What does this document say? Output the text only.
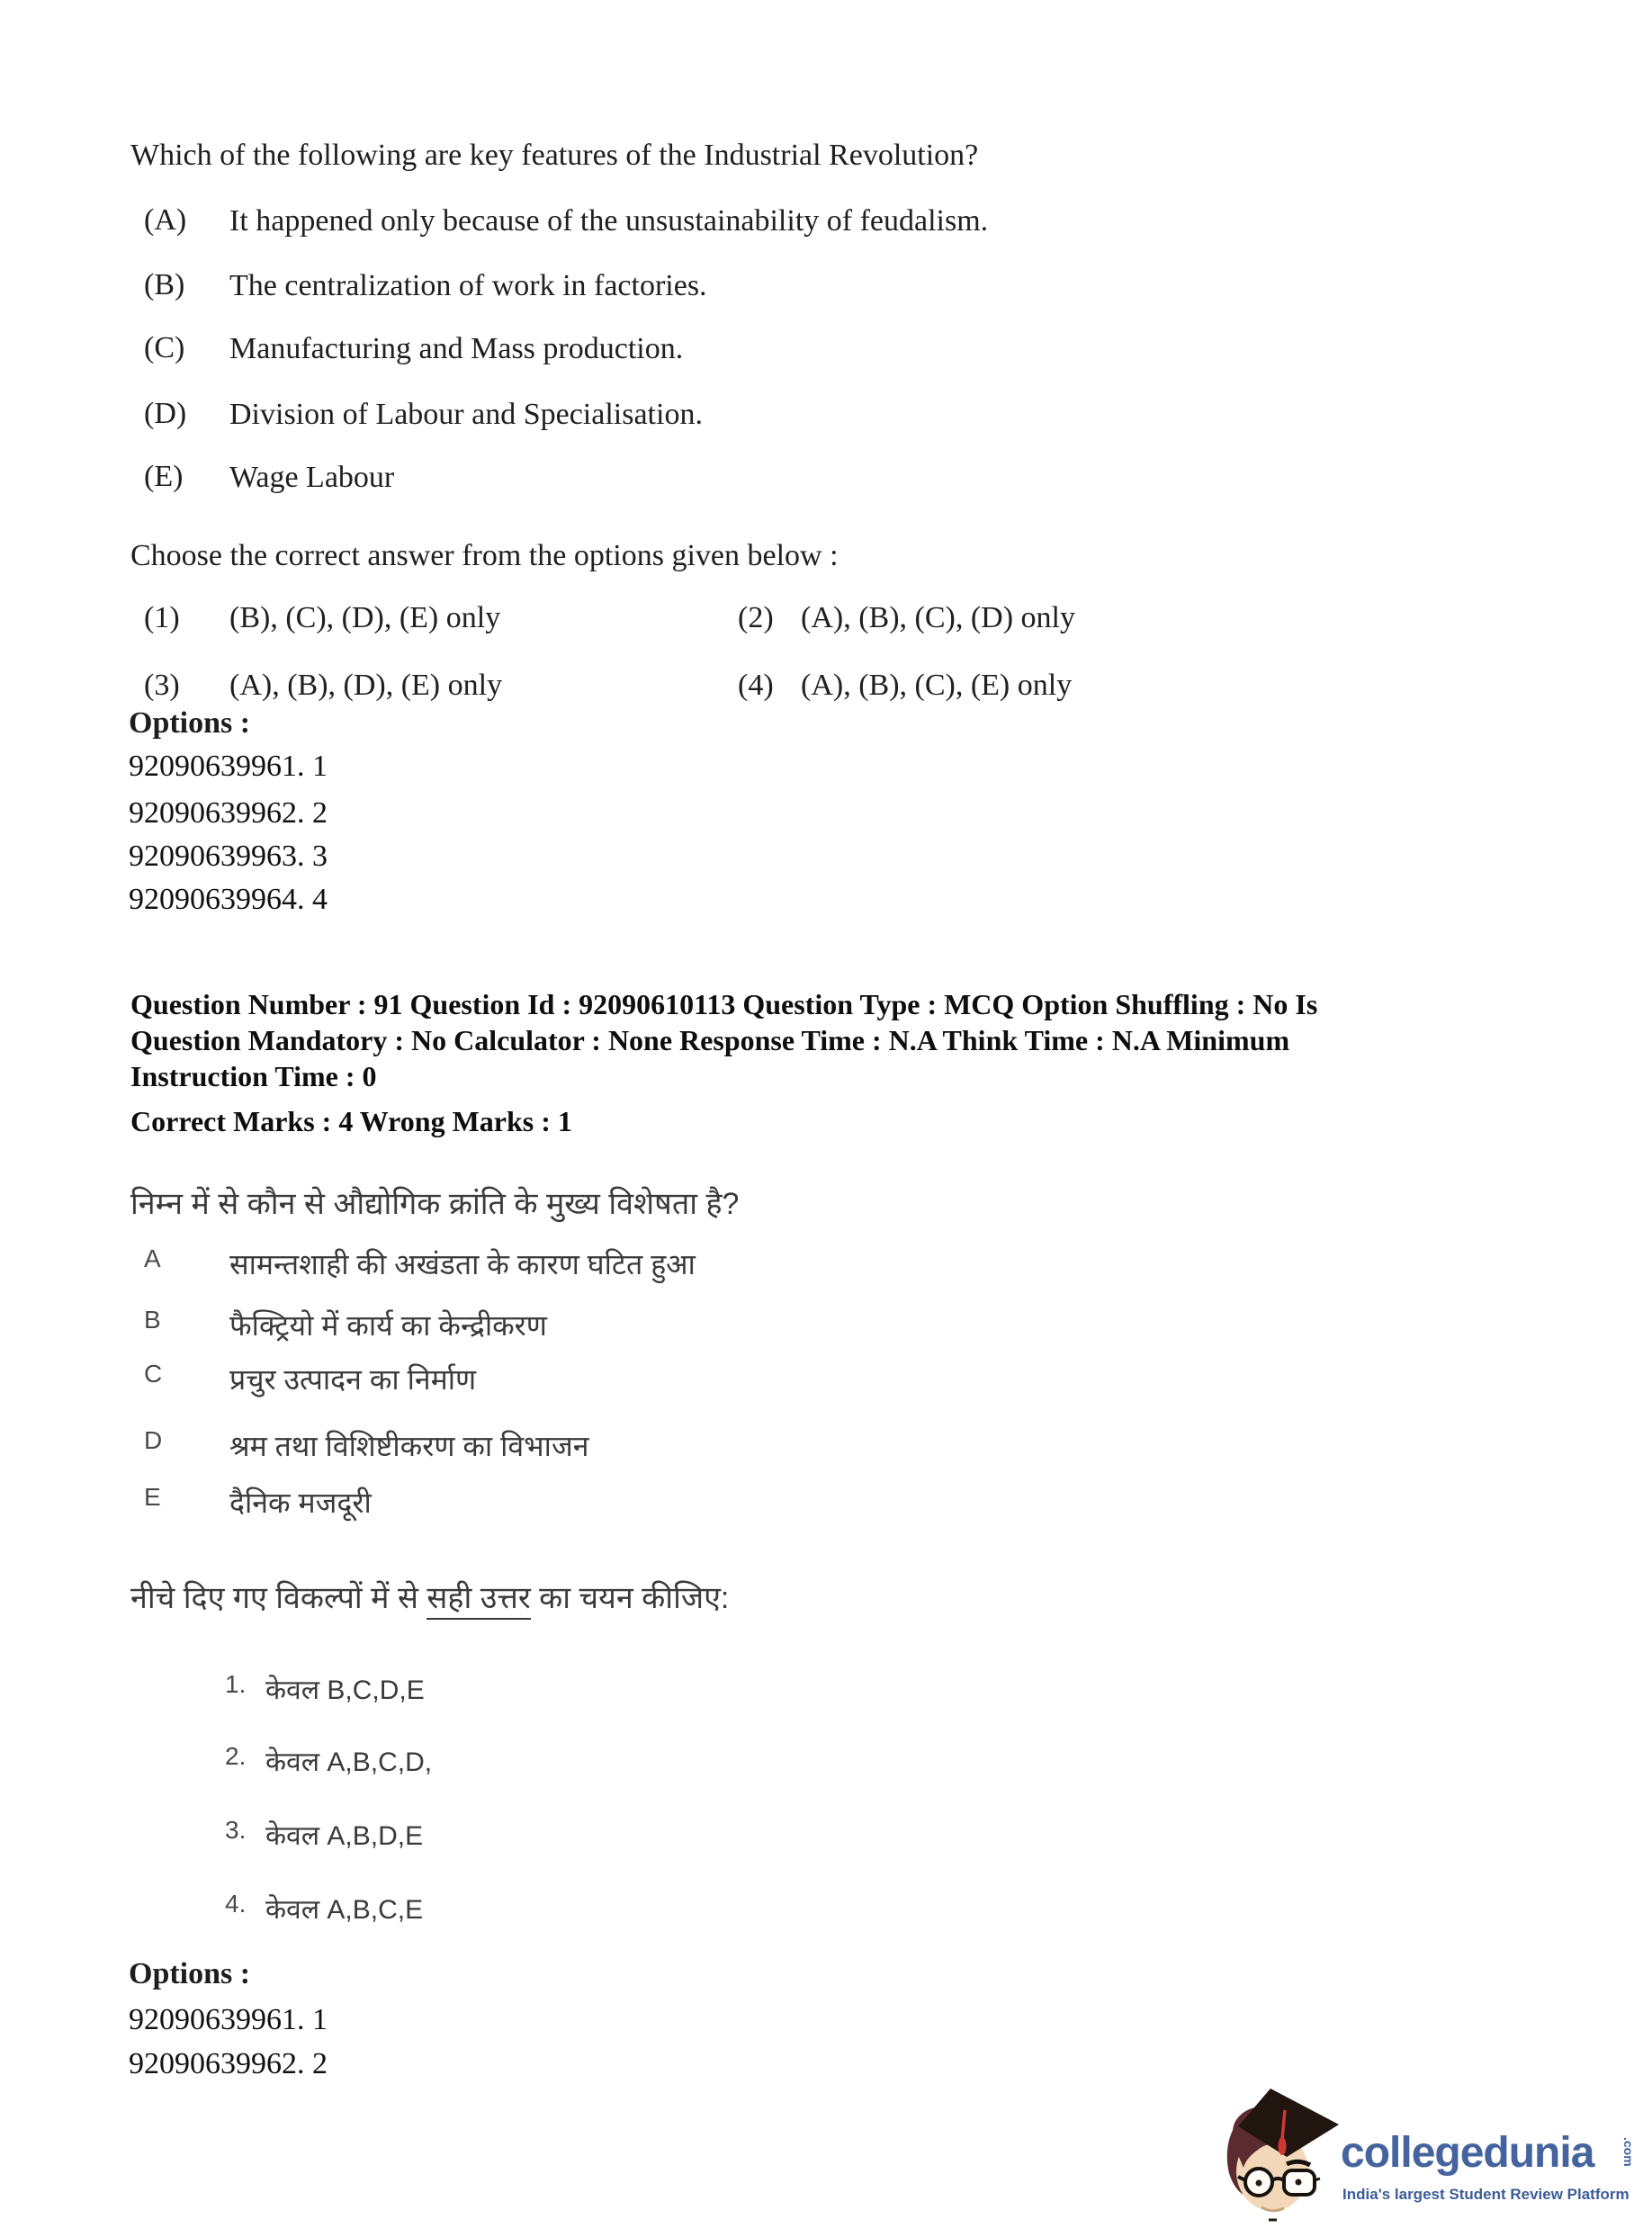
Which of the following are key features of the Industrial Revolution?
(A)	It happened only because of the unsustainability of feudalism.
(B)	The centralization of work in factories.
(C)	Manufacturing and Mass production.
(D)	Division of Labour and Specialisation.
(E)	Wage Labour
Choose the correct answer from the options given below :
(1)	(B), (C), (D), (E) only	(2) (A), (B), (C), (D) only
(3)	(A), (B), (D), (E) only	(4) (A), (B), (C), (E) only
Options :
92090639961. 1
92090639962. 2
92090639963. 3
92090639964. 4
Question Number : 91 Question Id : 92090610113 Question Type : MCQ Option Shuffling : No Is
Question Mandatory : No Calculator : None Response Time : N.A Think Time : N.A Minimum
Instruction Time : 0
Correct Marks : 4 Wrong Marks : 1
निम्न में से कौन से औद्योगिक क्रांति के मुख्य विशेषता है?
A	सामन्तशाही की अखंडता के कारण घटित हुआ
B	फैक्ट्रियो में कार्य का केन्द्रीकरण
C	प्रचुर उत्पादन का निर्माण
D	श्रम तथा विशिष्टीकरण का विभाजन
E	दैनिक मजदूरी
नीचे दिए गए विकल्पों में से सही उत्तर का चयन कीजिए:
1. केवल B,C,D,E
2. केवल A,B,C,D,
3. केवल A,B,D,E
4. केवल A,B,C,E
Options :
92090639961. 1
92090639962. 2
collegedunia .com
India's largest Student Review Platform
